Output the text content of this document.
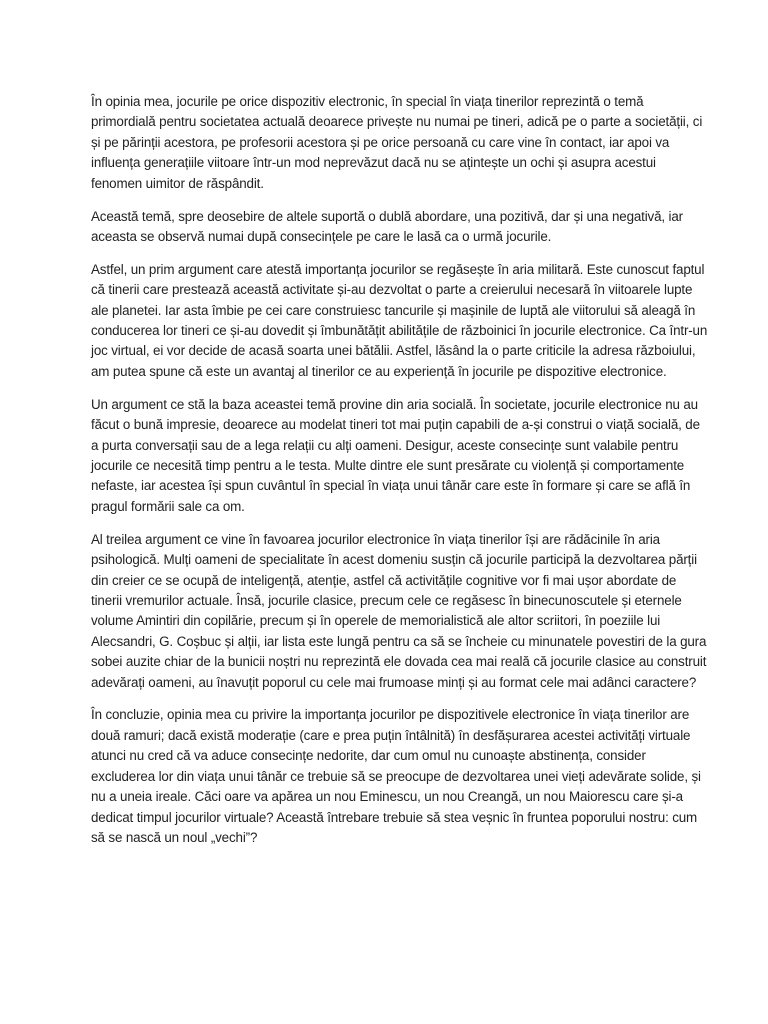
În opinia mea, jocurile pe orice dispozitiv electronic, în special în viața tinerilor reprezintă o temă primordială pentru societatea actuală deoarece privește nu numai pe tineri, adică pe o parte a societății, ci și pe părinții acestora, pe profesorii acestora și pe orice persoană cu care vine în contact, iar apoi va influența generațiile viitoare într-un mod neprevăzut dacă nu se ațintește un ochi și asupra acestui fenomen uimitor de răspândit.

Această temă, spre deosebire de altele suportă o dublă abordare, una pozitivă, dar și una negativă, iar aceasta se observă numai după consecințele pe care le lasă ca o urmă jocurile.

Astfel, un prim argument care atestă importanța jocurilor se regăsește în aria militară. Este cunoscut faptul că tinerii care prestează această activitate și-au dezvoltat o parte a creierului necesară în viitoarele lupte ale planetei. Iar asta îmbie pe cei care construiesc tancurile și mașinile de luptă ale viitorului să aleagă în conducerea lor tineri ce și-au dovedit și îmbunătățit abilitățile de războinici în jocurile electronice. Ca într-un joc virtual, ei vor decide de acasă soarta unei bătălii. Astfel, lăsând la o parte criticile la adresa războiului, am putea spune că este un avantaj al tinerilor ce au experiență în jocurile pe dispozitive electronice.

Un argument ce stă la baza aceastei temă provine din aria socială. În societate, jocurile electronice nu au făcut o bună impresie, deoarece au modelat tineri tot mai puțin capabili de a-și construi o viață socială, de a purta conversații sau de a lega relații cu alți oameni. Desigur, aceste consecințe sunt valabile pentru jocurile ce necesită timp pentru a le testa. Multe dintre ele sunt presărate cu violență și comportamente nefaste, iar acestea își spun cuvântul în special în viața unui tânăr care este în formare și care se află în pragul formării sale ca om.

Al treilea argument ce vine în favoarea jocurilor electronice în viața tinerilor își are rădăcinile în aria psihologică. Mulți oameni de specialitate în acest domeniu susțin că jocurile participă la dezvoltarea părții din creier ce se ocupă de inteligență, atenție, astfel că activitățile cognitive vor fi mai ușor abordate de tinerii vremurilor actuale. Însă, jocurile clasice, precum cele ce regăsesc în binecunoscutele și eternele volume Amintiri din copilărie, precum și în operele de memorialistică ale altor scriitori, în poeziile lui Alecsandri, G. Coșbuc și alții, iar lista este lungă pentru ca să se încheie cu minunatele povestiri de la gura sobei auzite chiar de la bunicii noștri nu reprezintă ele dovada cea mai reală că jocurile clasice au construit adevărați oameni, au înavuțit poporul cu cele mai frumoase minți și au format cele mai adânci caractere?

În concluzie, opinia mea cu privire la importanța jocurilor pe dispozitivele electronice în viața tinerilor are două ramuri; dacă există moderație (care e prea puțin întâlnită) în desfășurarea acestei activități virtuale atunci nu cred că va aduce consecințe nedorite, dar cum omul nu cunoaște abstinența, consider excluderea lor din viața unui tânăr ce trebuie să se preocupe de dezvoltarea unei vieți adevărate solide, și nu a uneia ireale. Căci oare va apărea un nou Eminescu, un nou Creangă, un nou Maiorescu care și-a dedicat timpul jocurilor virtuale? Această întrebare trebuie să stea veșnic în fruntea poporului nostru: cum să se nască un noul „vechi”?
